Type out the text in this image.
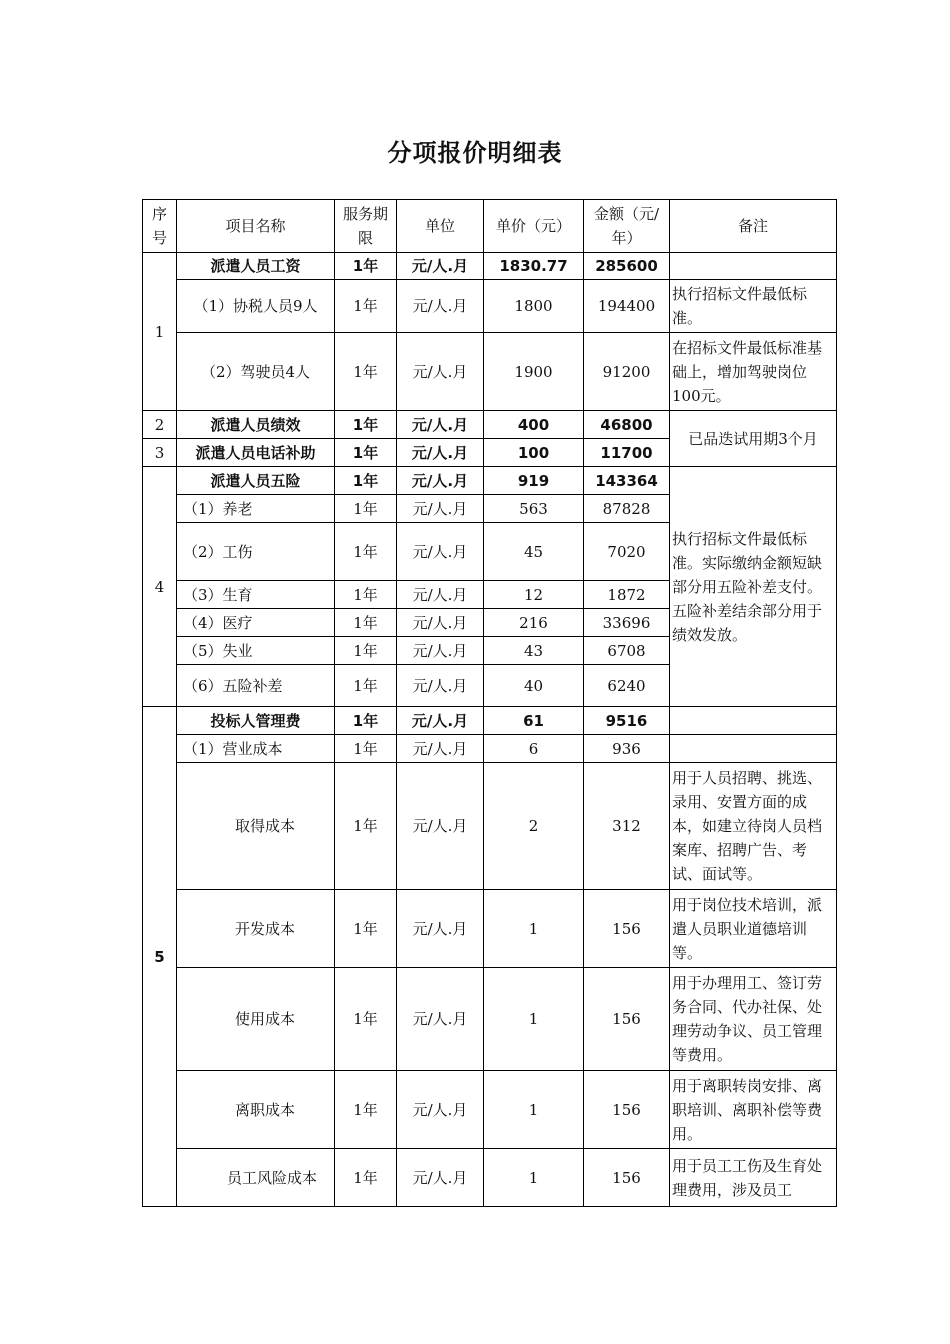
分项报价明细表
序号	项目名称	服务期限	单位	单价（元）	金额（元/年）	备注
1	派遣人员工资	1年	元/人.月	1830.77	285600	
	（1）协税人员9人	1年	元/人.月	1800	194400	执行招标文件最低标准。
	（2）驾驶员4人	1年	元/人.月	1900	91200	在招标文件最低标准基础上，增加驾驶岗位100元。
2	派遣人员绩效	1年	元/人.月	400	46800	已品迭试用期3个月
3	派遣人员电话补助	1年	元/人.月	100	11700	
4	派遣人员五险	1年	元/人.月	919	143364	执行招标文件最低标准。实际缴纳金额短缺部分用五险补差支付。五险补差结余部分用于绩效发放。
	（1）养老	1年	元/人.月	563	87828	
	（2）工伤	1年	元/人.月	45	7020	
	（3）生育	1年	元/人.月	12	1872	
	（4）医疗	1年	元/人.月	216	33696	
	（5）失业	1年	元/人.月	43	6708	
	（6）五险补差	1年	元/人.月	40	6240	
5	投标人管理费	1年	元/人.月	61	9516	
	（1）营业成本	1年	元/人.月	6	936	
	取得成本	1年	元/人.月	2	312	用于人员招聘、挑选、录用、安置方面的成本，如建立待岗人员档案库、招聘广告、考试、面试等。
	开发成本	1年	元/人.月	1	156	用于岗位技术培训，派遣人员职业道德培训等。
	使用成本	1年	元/人.月	1	156	用于办理用工、签订劳务合同、代办社保、处理劳动争议、员工管理等费用。
	离职成本	1年	元/人.月	1	156	用于离职转岗安排、离职培训、离职补偿等费用。
	员工风险成本	1年	元/人.月	1	156	用于员工工伤及生育处理费用，涉及员工
